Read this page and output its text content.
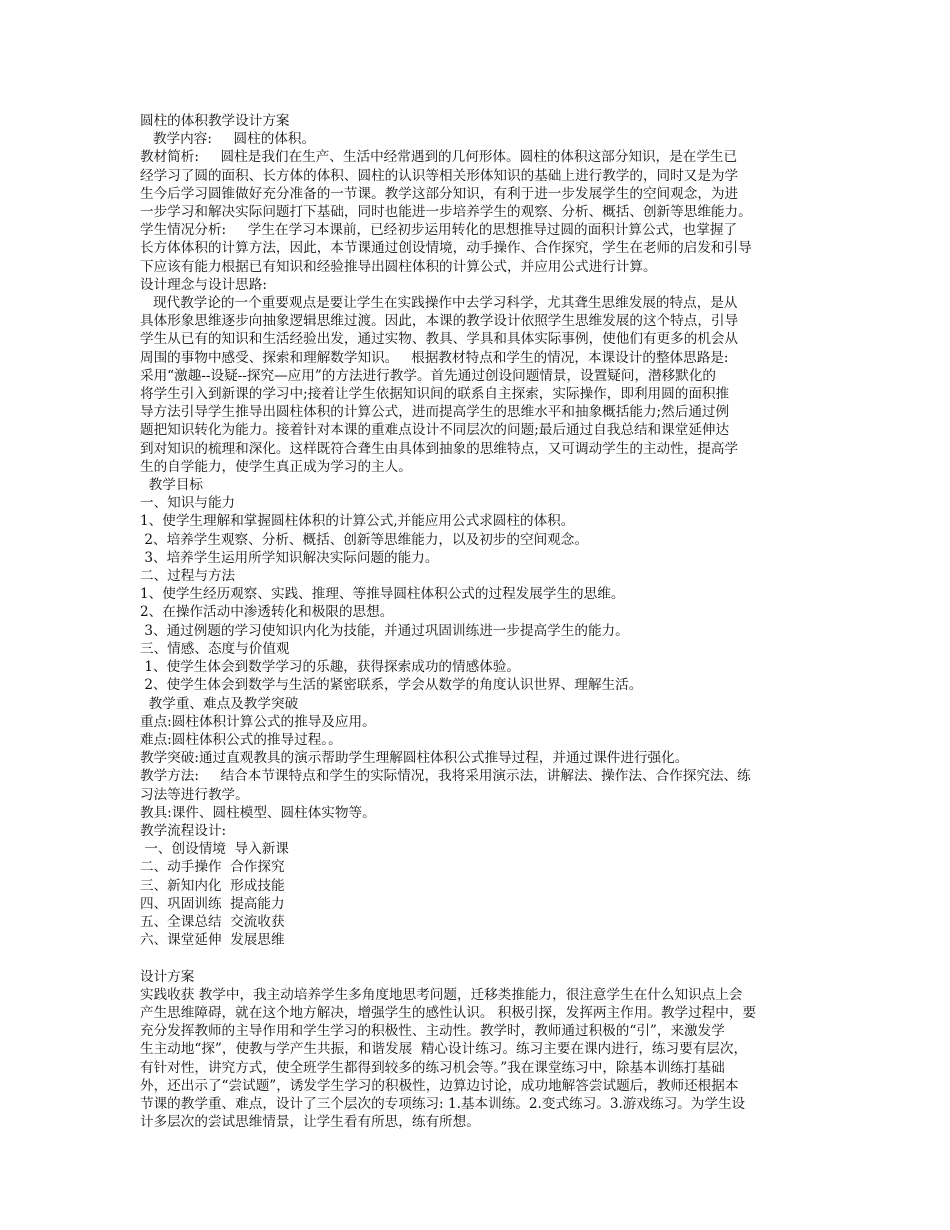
圆柱的体积教学设计方案
教学内容:     圆柱的体积。
教材简析:     圆柱是我们在生产、生活中经常遇到的几何形体。圆柱的体积这部分知识，是在学生已
经学习了圆的面积、长方体的体积、圆柱的认识等相关形体知识的基础上进行教学的，同时又是为学
生今后学习圆锥做好充分准备的一节课。教学这部分知识，有利于进一步发展学生的空间观念，为进
一步学习和解决实际问题打下基础，同时也能进一步培养学生的观察、分析、概括、创新等思维能力。
学生情况分析:     学生在学习本课前，已经初步运用转化的思想推导过圆的面积计算公式，也掌握了
长方体体积的计算方法，因此，本节课通过创设情境，动手操作、合作探究，学生在老师的启发和引导
下应该有能力根据已有知识和经验推导出圆柱体积的计算公式，并应用公式进行计算。
设计理念与设计思路:
现代教学论的一个重要观点是要让学生在实践操作中去学习科学，尤其聋生思维发展的特点，是从
具体形象思维逐步向抽象逻辑思维过渡。因此，本课的教学设计依照学生思维发展的这个特点，引导
学生从已有的知识和生活经验出发，通过实物、教具、学具和具体实际事例，使他们有更多的机会从
周围的事物中感受、探索和理解数学知识。   根据教材特点和学生的情况，本课设计的整体思路是:
采用“激趣--设疑--探究—应用”的方法进行教学。首先通过创设问题情景，设置疑问，潜移默化的
将学生引入到新课的学习中;接着让学生依据知识间的联系自主探索，实际操作，即利用圆的面积推
导方法引导学生推导出圆柱体积的计算公式，进而提高学生的思维水平和抽象概括能力;然后通过例
题把知识转化为能力。接着针对本课的重难点设计不同层次的问题;最后通过自我总结和课堂延伸达
到对知识的梳理和深化。这样既符合聋生由具体到抽象的思维特点，又可调动学生的主动性，提高学
生的自学能力，使学生真正成为学习的主人。
教学目标
一、知识与能力
1、使学生理解和掌握圆柱体积的计算公式,并能应用公式求圆柱的体积。
2、培养学生观察、分析、概括、创新等思维能力，以及初步的空间观念。
3、培养学生运用所学知识解决实际问题的能力。
二、过程与方法
1、使学生经历观察、实践、推理、等推导圆柱体积公式的过程发展学生的思维。
2、在操作活动中渗透转化和极限的思想。
3、通过例题的学习使知识内化为技能，并通过巩固训练进一步提高学生的能力。
三、情感、态度与价值观
1、使学生体会到数学学习的乐趣，获得探索成功的情感体验。
2、使学生体会到数学与生活的紧密联系，学会从数学的角度认识世界、理解生活。
教学重、难点及教学突破
重点:圆柱体积计算公式的推导及应用。
难点:圆柱体积公式的推导过程。。
教学突破:通过直观教具的演示帮助学生理解圆柱体积公式推导过程，并通过课件进行强化。
教学方法:     结合本节课特点和学生的实际情况，我将采用演示法，讲解法、操作法、合作探究法、练
习法等进行教学。
教具:课件、圆柱模型、圆柱体实物等。
教学流程设计:
一、创设情境  导入新课
二、动手操作  合作探究
三、新知内化  形成技能
四、巩固训练  提高能力
五、全课总结  交流收获
六、课堂延伸  发展思维
设计方案
实践收获 教学中，我主动培养学生多角度地思考问题，迁移类推能力，很注意学生在什么知识点上会
产生思维障碍，就在这个地方解决，增强学生的感性认识。 积极引探，发挥两主作用。教学过程中，要
充分发挥教师的主导作用和学生学习的积极性、主动性。教学时，教师通过积极的“引”，来激发学
生主动地“探”，使教与学产生共振，和谐发展  精心设计练习。练习主要在课内进行，练习要有层次，
有针对性，讲究方式，使全班学生都得到较多的练习机会等。”我在课堂练习中，除基本训练打基础
外，还出示了“尝试题”，诱发学生学习的积极性，边算边讨论，成功地解答尝试题后，教师还根据本
节课的教学重、难点，设计了三个层次的专项练习: 1.基本训练。2.变式练习。3.游戏练习。为学生设
计多层次的尝试思维情景，让学生看有所思，练有所想。
